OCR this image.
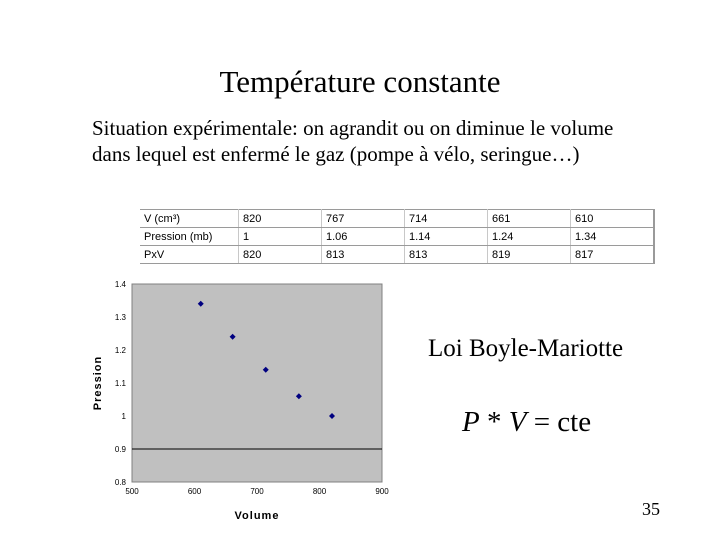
Température constante
Situation expérimentale: on agrandit ou on diminue le volume dans lequel est enfermé le gaz (pompe à vélo, seringue…)
V (cm³)	820	767	714	661	610
Pression (mb)	1	1.06	1.14	1.24	1.34
PxV	820	813	813	819	817
1.4
1.3
1.2
1.1
1
0.9
0.8
500	600	700	800	900
Volume
Pression
Loi Boyle-Mariotte
P * V = cte
35
